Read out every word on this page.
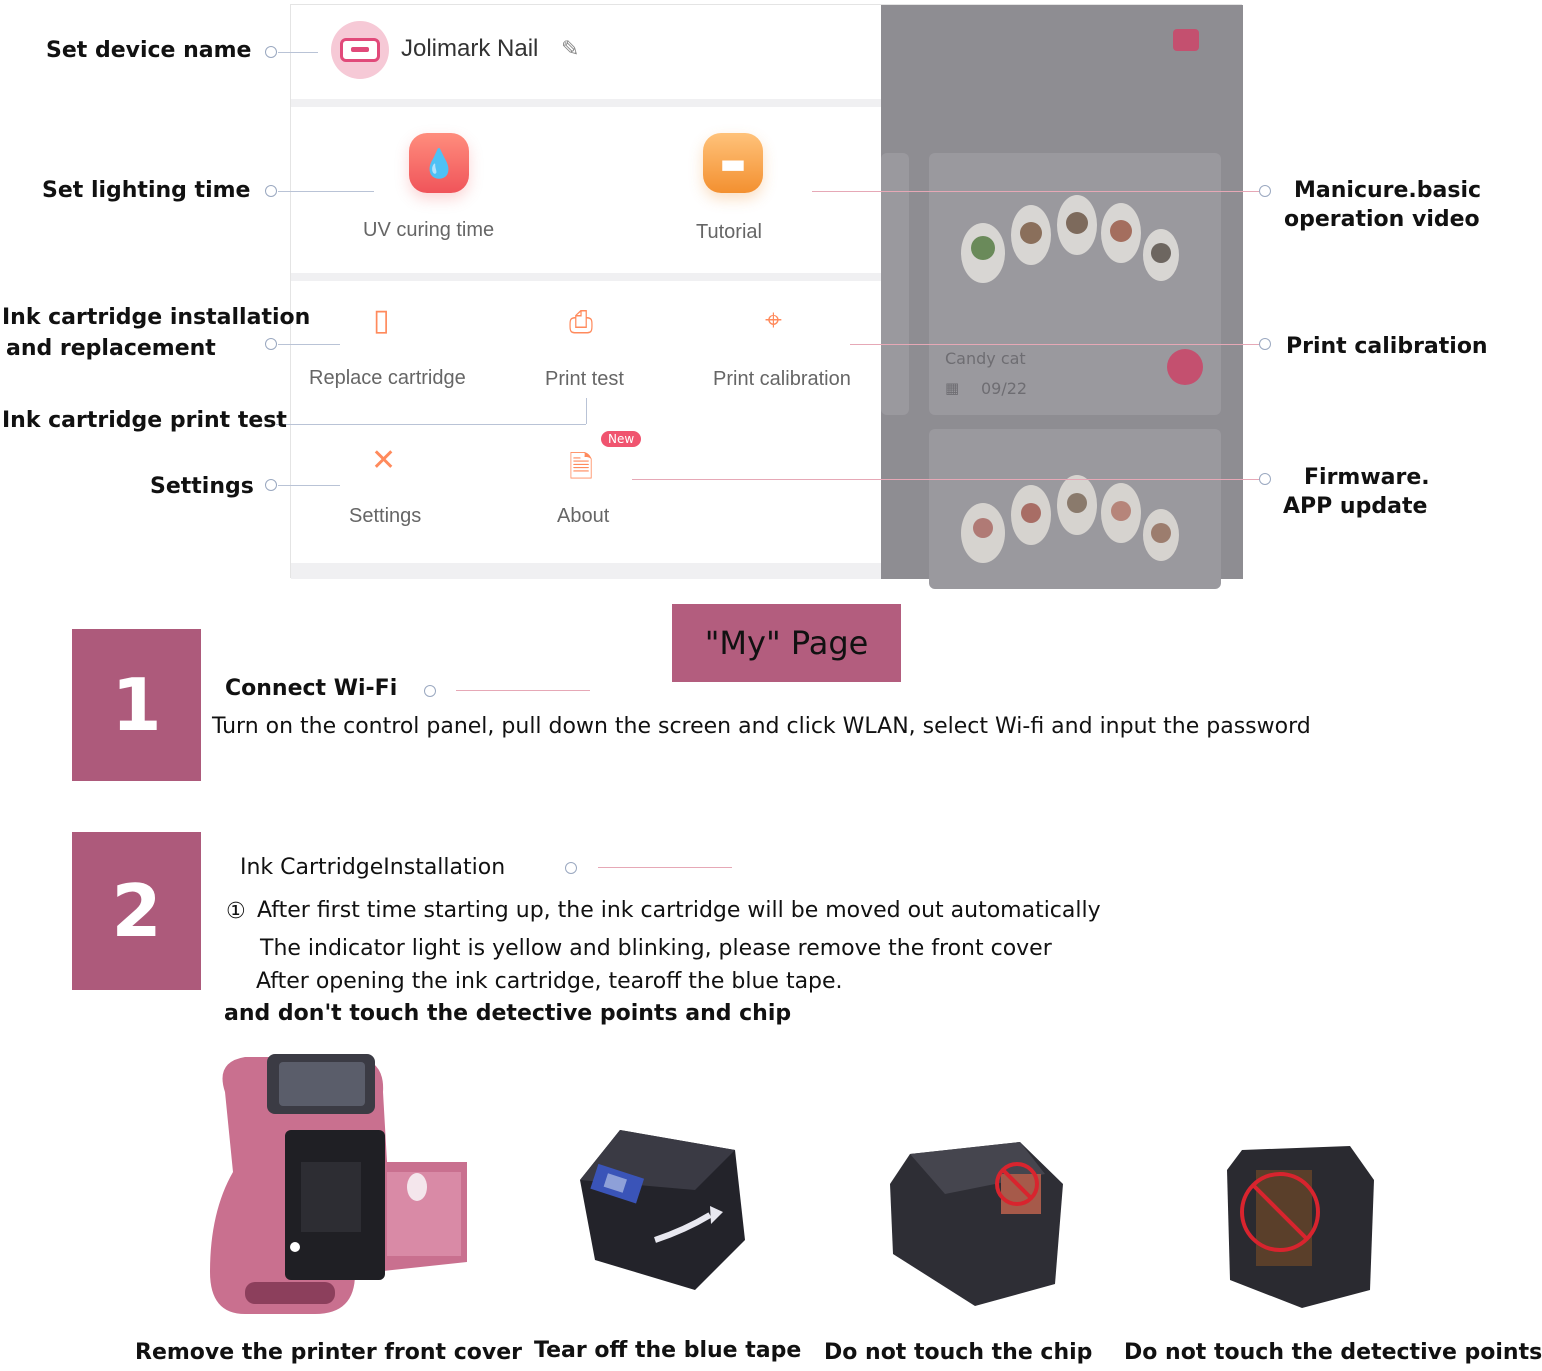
Jolimark Nail ✎
💧
UV curing time
▬
Tutorial
▯
Replace cartridge
⎙
Print test
⌖
Print calibration
✕
Settings
🗎
New
About
Candy cat
▦ 09/22
Set device name
Set lighting time
Ink cartridge installation
and replacement
Ink cartridge print test
Settings
Manicure.basic
operation video
Print calibration
Firmware.
APP update
"My" Page
1	Connect Wi-Fi
Turn on the control panel, pull down the screen and click WLAN, select Wi-fi and input the password
2
Ink CartridgeInstallation
① After first time starting up, the ink cartridge will be moved out automatically
The indicator light is yellow and blinking, please remove the front cover
After opening the ink cartridge, tearoff the blue tape.
and don't touch the detective points and chip
Remove the printer front cover Tear off the blue tape Do not touch the chip Do not touch the detective points
